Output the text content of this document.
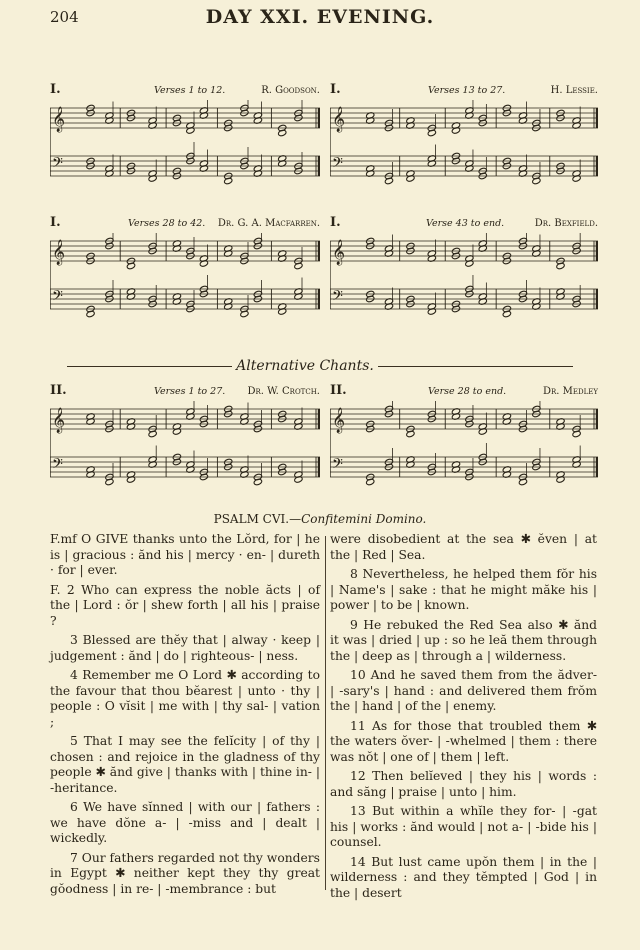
204	DAY XXI. EVENING.
I.	Verses 1 to 12.	R. Goodson.
𝄞
𝄢
I.	Verses 13 to 27.	H. Lessie.
𝄞
𝄢
I.	Verses 28 to 42. Dr. G. A. Macfarren.
𝄞
𝄢
I.	Verse 43 to end.	Dr. Bexfield.
𝄞
𝄢
Alternative Chants.
II.	Verses 1 to 27. Dr. W. Crotch.
𝄞
𝄢
II.	Verse 28 to end.	Dr. Medley
𝄞
𝄢
PSALM CVI.—Confitemini Domino.

F.mf O GIVE thanks unto the Lŏrd, for | he is | gracious : ănd his | mercy · en- | dureth · for | ever.

F. 2 Who can express the noble ăcts | of the | Lord : ŏr | shew forth | all his | praise ?

3 Blessed are thĕy that | alway · keep | judgement : ănd | do | righteous- | ness.

4 Remember me O Lord ✱ according to the favour that thou bĕarest | unto · thy | people : O vĭsit | me with | thy sal- | vation ;

5 That I may see the felĭcity | of thy | chosen : and rejoice in the gladness of thy people ✱ ănd give | thanks with | thine in- | -heritance.

6 We have sĭnned | with our | fathers : we have dŏne a- | -miss and | dealt | wickedly.

7 Our fathers regarded not thy wonders in Egypt ✱ neither kept they thy great gŏodness | in re- | -membrance : but

were disobedient at the sea ✱ ĕven | at the | Red | Sea.

8 Nevertheless, he helped them fŏr his | Name's | sake : that he might măke his | power | to be | known.

9 He rebuked the Red Sea also ✱ ănd it was | dried | up : so he leă them through the | deep as | through a | wilderness.

10 And he saved them from the ădver- | -sary's | hand : and delivered them frŏm the | hand | of the | enemy.

11 As for those that troubled them ✱ the waters ŏver- | -whelmed | them : there was nŏt | one of | them | left.

12 Then belĭeved | they his | words : and săng | praise | unto | him.

13 But within a whĭle they for- | -gat his | works : ănd would | not a- | -bide his | counsel.

14 But lust came upŏn them | in the | wilderness : and they tĕmpted | God | in the | desert
